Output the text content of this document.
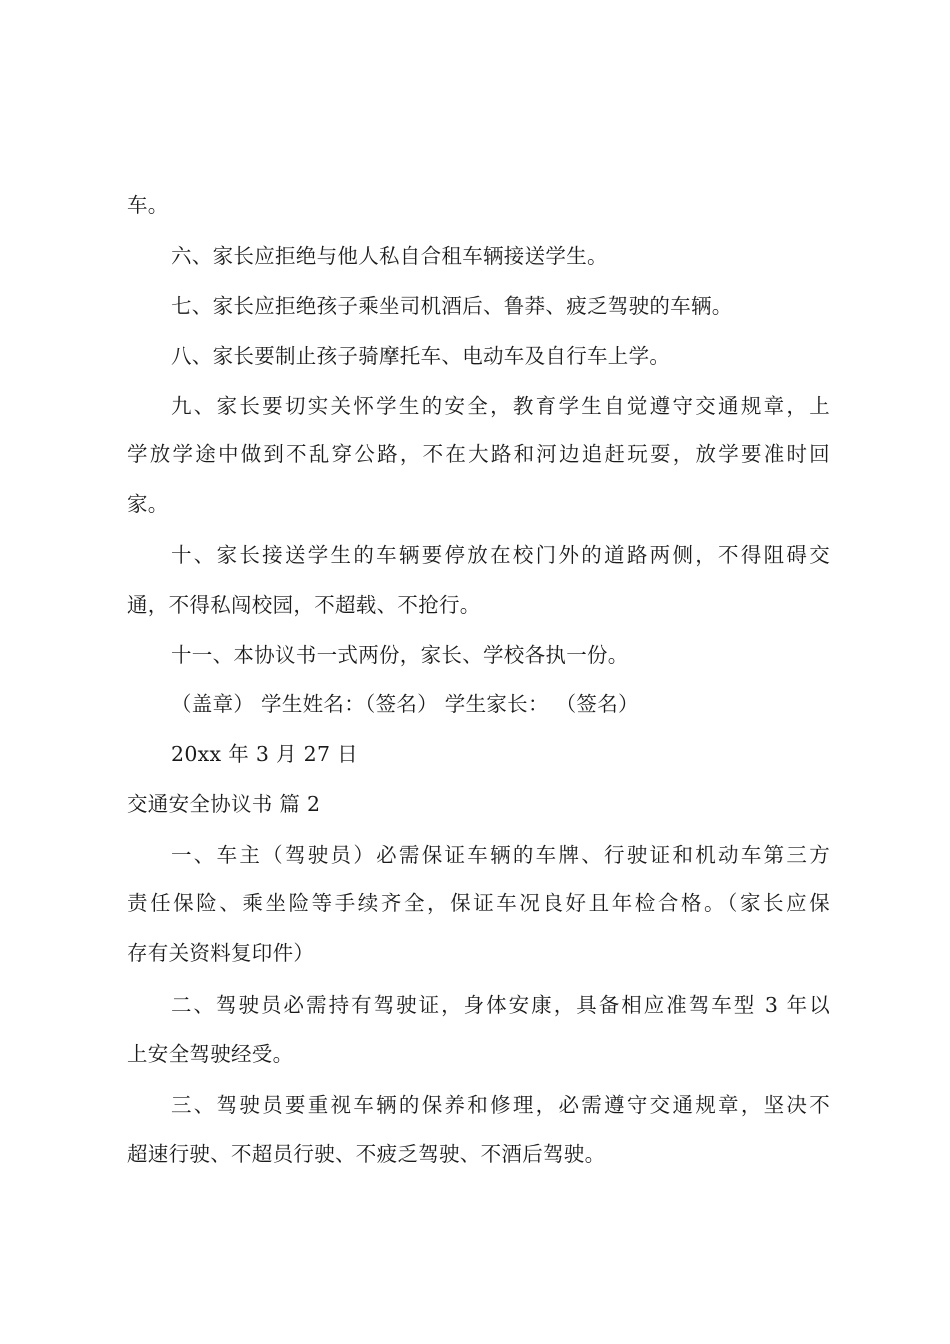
车。
六、家长应拒绝与他人私自合租车辆接送学生。
七、家长应拒绝孩子乘坐司机酒后、鲁莽、疲乏驾驶的车辆。
八、家长要制止孩子骑摩托车、电动车及自行车上学。
九、家长要切实关怀学生的安全，教育学生自觉遵守交通规章，上
学放学途中做到不乱穿公路，不在大路和河边追赶玩耍，放学要准时回
家。
十、家长接送学生的车辆要停放在校门外的道路两侧，不得阻碍交
通，不得私闯校园，不超载、不抢行。
十一、本协议书一式两份，家长、学校各执一份。
（盖章） 学生姓名：（签名） 学生家长： （签名）
20xx 年 3 月 27 日
交通安全协议书 篇 2
一、车主（驾驶员）必需保证车辆的车牌、行驶证和机动车第三方
责任保险、乘坐险等手续齐全，保证车况良好且年检合格。（家长应保
存有关资料复印件）
二、驾驶员必需持有驾驶证，身体安康，具备相应准驾车型 3 年以
上安全驾驶经受。
三、驾驶员要重视车辆的保养和修理，必需遵守交通规章，坚决不
超速行驶、不超员行驶、不疲乏驾驶、不酒后驾驶。
